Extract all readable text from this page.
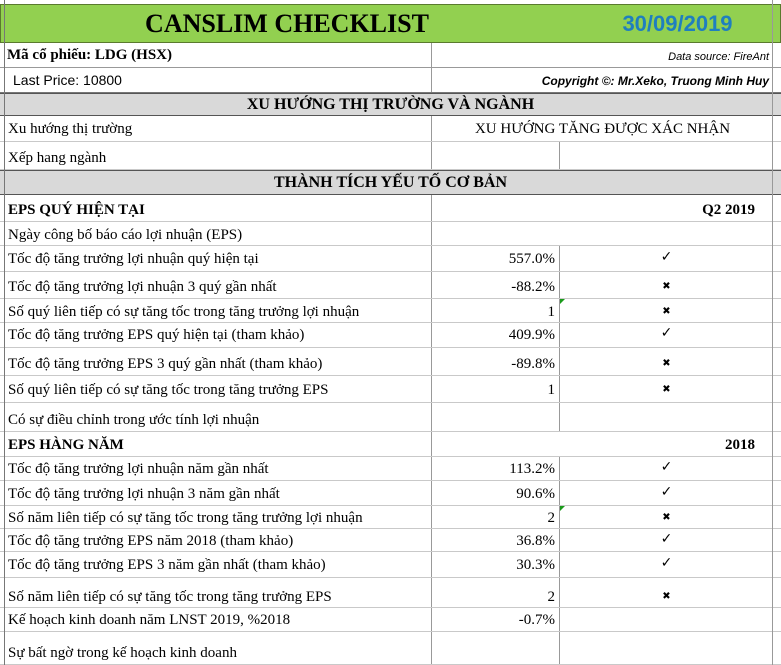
CANSLIM CHECKLIST	30/09/2019
Mã cổ phiếu: LDG (HSX)	Data source: FireAnt
Last Price: 10800	Copyright ©: Mr.Xeko, Truong Minh Huy
XU HƯỚNG THỊ TRƯỜNG VÀ NGÀNH
Xu hướng thị trường	XU HƯỚNG TĂNG ĐƯỢC XÁC NHẬN
Xếp hang ngành
THÀNH TÍCH YẾU TỐ CƠ BẢN
EPS QUÝ HIỆN TẠI	Q2 2019
Ngày công bố báo cáo lợi nhuận (EPS)
Tốc độ tăng trưởng lợi nhuận quý hiện tại	557.0%	✓
Tốc độ tăng trưởng lợi nhuận 3 quý gần nhất	-88.2%	✖
Số quý liên tiếp có sự tăng tốc trong tăng trưởng lợi nhuận	1	✖
Tốc độ tăng trưởng EPS quý hiện tại (tham khảo)	409.9%	✓
Tốc độ tăng trưởng EPS 3 quý gần nhất (tham khảo)	-89.8%	✖
Số quý liên tiếp có sự tăng tốc trong tăng trưởng EPS	1	✖
Có sự điều chỉnh trong ước tính lợi nhuận
EPS HÀNG NĂM	2018
Tốc độ tăng trưởng lợi nhuận năm gần nhất	113.2%	✓
Tốc độ tăng trưởng lợi nhuận 3 năm gần nhất	90.6%	✓
Số năm liên tiếp có sự tăng tốc trong tăng trưởng lợi nhuận	2	✖
Tốc độ tăng trưởng EPS năm 2018 (tham khảo)	36.8%	✓
Tốc độ tăng trưởng EPS 3 năm gần nhất (tham khảo)	30.3%	✓
Số năm liên tiếp có sự tăng tốc trong tăng trưởng EPS	2	✖
Kế hoạch kinh doanh năm LNST 2019, %2018	-0.7%
Sự bất ngờ trong kế hoạch kinh doanh
